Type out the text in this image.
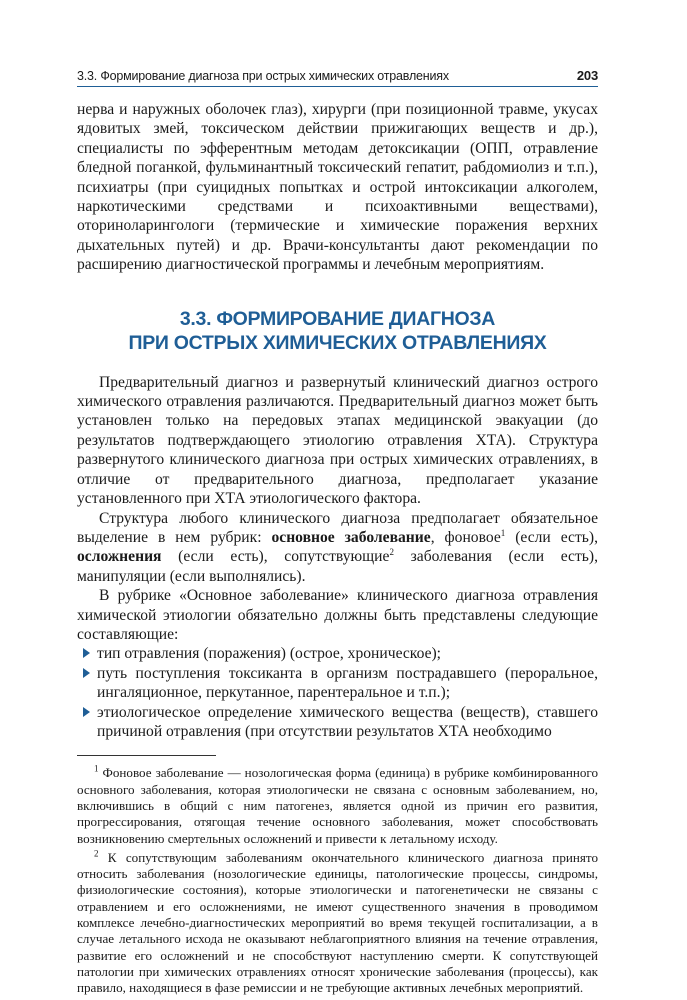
3.3. Формирование диагноза при острых химических отравлениях	203

нерва и наружных оболочек глаз), хирурги (при позиционной травме, укусах ядовитых змей, токсическом действии прижигающих веществ и др.), специалисты по эфферентным методам детоксикации (ОПП, отравление бледной поганкой, фульминантный токсический гепатит, рабдомиолиз и т.п.), психиатры (при суицидных попытках и острой интоксикации алкоголем, наркотическими средствами и психоактивными веществами), оториноларингологи (термические и химические поражения верхних дыхательных путей) и др. Врачи-консультанты дают рекомендации по расширению диагностической программы и лечебным мероприятиям.

3.3. ФОРМИРОВАНИЕ ДИАГНОЗА
ПРИ ОСТРЫХ ХИМИЧЕСКИХ ОТРАВЛЕНИЯХ

Предварительный диагноз и развернутый клинический диагноз острого химического отравления различаются. Предварительный диагноз может быть установлен только на передовых этапах медицинской эвакуации (до результатов подтверждающего этиологию отравления ХТА). Структура развернутого клинического диагноза при острых химических отравлениях, в отличие от предварительного диагноза, предполагает указание установленного при ХТА этиологического фактора.

Структура любого клинического диагноза предполагает обязательное выделение в нем рубрик: основное заболевание, фоновое$^1$ (если есть), осложнения (если есть), сопутствующие$^2$ заболевания (если есть), манипуляции (если выполнялись).

В рубрике «Основное заболевание» клинического диагноза отравления химической этиологии обязательно должны быть представлены следующие составляющие:

тип отравления (поражения) (острое, хроническое);
путь поступления токсиканта в организм пострадавшего (пероральное, ингаляционное, перкутанное, парентеральное и т.п.);
этиологическое определение химического вещества (веществ), ставшего причиной отравления (при отсутствии результатов ХТА необходимо

$^1$ Фоновое заболевание — нозологическая форма (единица) в рубрике комбинированного основного заболевания, которая этиологически не связана с основным заболеванием, но, включившись в общий с ним патогенез, является одной из причин его развития, прогрессирования, отягощая течение основного заболевания, может способствовать возникновению смертельных осложнений и привести к летальному исходу.

$^2$ К сопутствующим заболеваниям окончательного клинического диагноза принято относить заболевания (нозологические единицы, патологические процессы, синдромы, физиологические состояния), которые этиологически и патогенетически не связаны с отравлением и его осложнениями, не имеют существенного значения в проводимом комплексе лечебно-диагностических мероприятий во время текущей госпитализации, а в случае летального исхода не оказывают неблагоприятного влияния на течение отравления, развитие его осложнений и не способствуют наступлению смерти. К сопутствующей патологии при химических отравлениях относят хронические заболевания (процессы), как правило, находящиеся в фазе ремиссии и не требующие активных лечебных мероприятий.
